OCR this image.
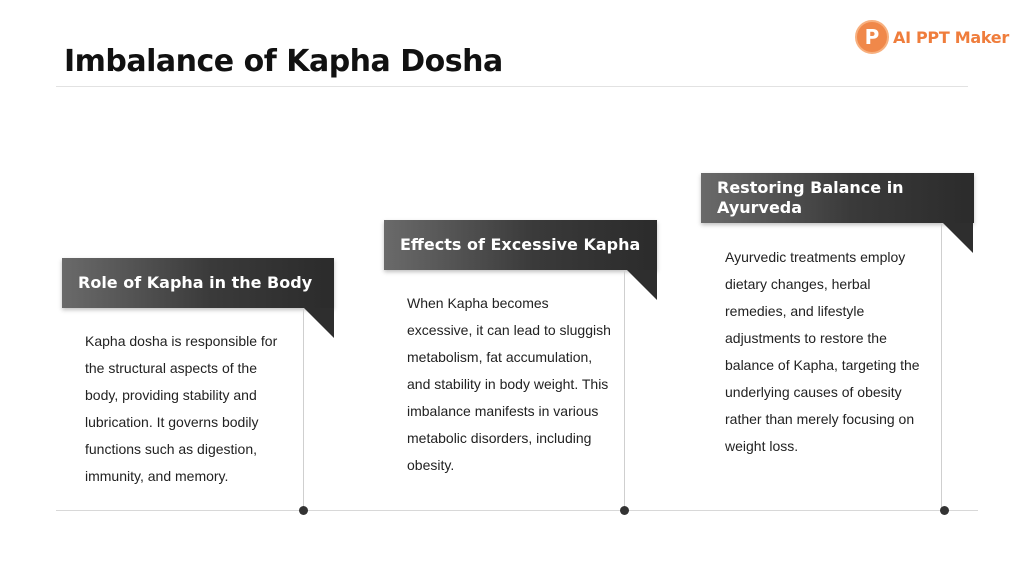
P AI PPT Maker
Imbalance of Kapha Dosha
Role of Kapha in the Body
Kapha dosha is responsible for the structural aspects of the body, providing stability and lubrication. It governs bodily functions such as digestion, immunity, and memory.
Effects of Excessive Kapha
When Kapha becomes excessive, it can lead to sluggish metabolism, fat accumulation, and stability in body weight. This imbalance manifests in various metabolic disorders, including obesity.
Restoring Balance in Ayurveda
Ayurvedic treatments employ dietary changes, herbal remedies, and lifestyle adjustments to restore the balance of Kapha, targeting the underlying causes of obesity rather than merely focusing on weight loss.
